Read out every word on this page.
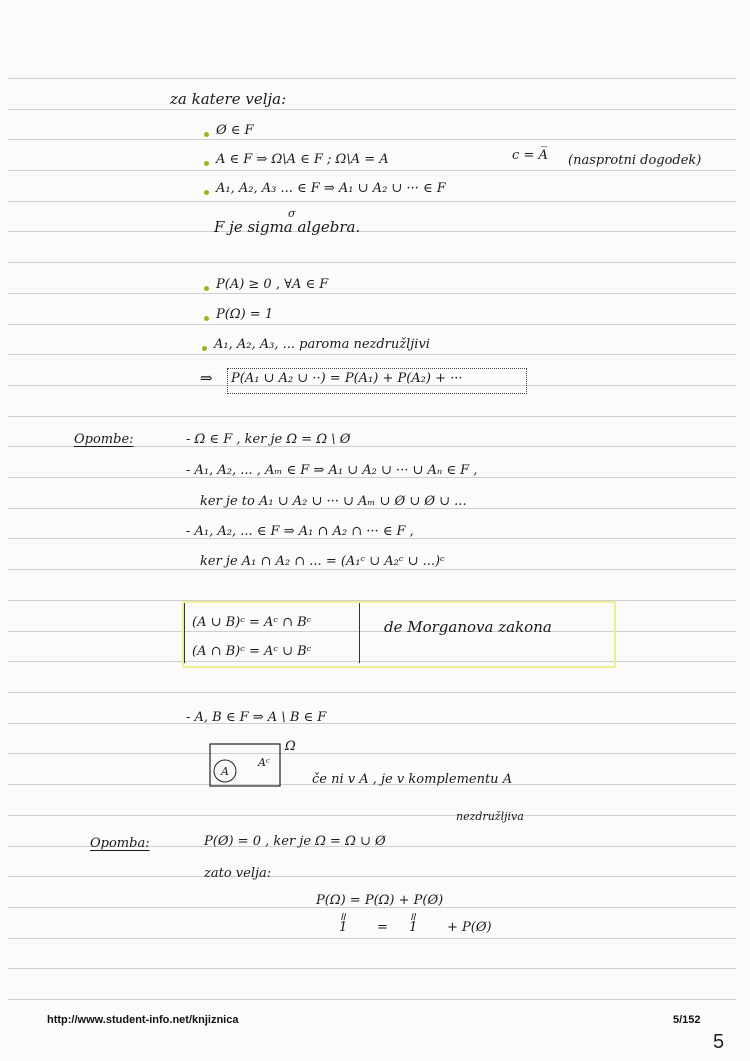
za katere velja:
Ø ∈ F
A ∈ F ⇒ Ω\A ∈ F ; Ω\A = A	c = A̅ (nasprotni dogodek)
A₁, A₂, A₃ ... ∈ F ⇒ A₁ ∪ A₂ ∪ ··· ∈ F
σ
F je sigma algebra.
P(A) ≥ 0 , ∀A ∈ F
P(Ω) = 1
A₁, A₂, A₃, ... paroma nezdružljivi
⇒ P(A₁ ∪ A₂ ∪ ··) = P(A₁) + P(A₂) + ···
Opombe:	- Ω ∈ F , ker je Ω = Ω \ Ø
- A₁, A₂, ... , Aₘ ∈ F ⇒ A₁ ∪ A₂ ∪ ··· ∪ Aₙ ∈ F ,
ker je to A₁ ∪ A₂ ∪ ··· ∪ Aₘ ∪ Ø ∪ Ø ∪ ...
- A₁, A₂, ... ∈ F ⇒ A₁ ∩ A₂ ∩ ··· ∈ F ,
ker je A₁ ∩ A₂ ∩ ... = (A₁ᶜ ∪ A₂ᶜ ∪ ...)ᶜ
(A ∪ B)ᶜ = Aᶜ ∩ Bᶜ
(A ∩ B)ᶜ = Aᶜ ∪ Bᶜ
de Morganova zakona
- A, B ∈ F ⇒ A \ B ∈ F
A
Aᶜ
Ω
če ni v A , je v komplementu A
nezdružljiva
Opomba:	P(Ø) = 0 , ker je Ω = Ω ∪ Ø
zato velja:
P(Ω) = P(Ω) + P(Ø)
॥	॥
1 = 1 + P(Ø)
http://www.student-info.net/knjiznica	5/152
5
